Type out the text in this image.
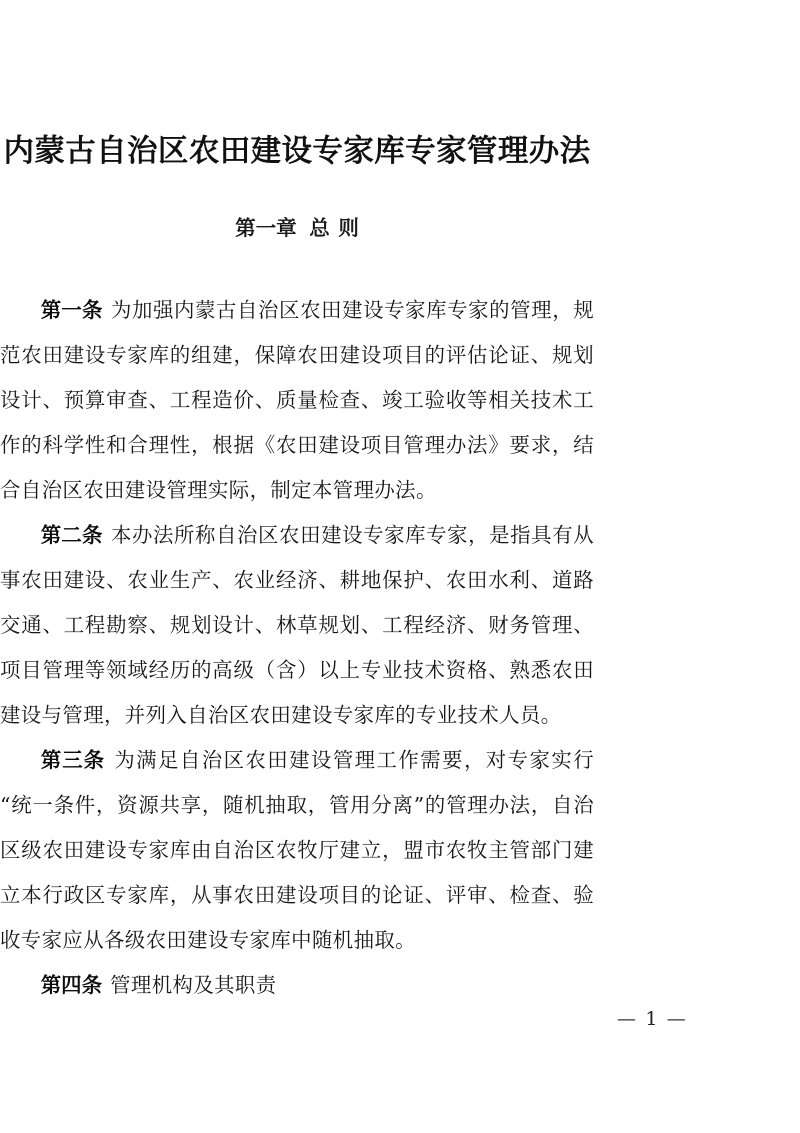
内蒙古自治区农田建设专家库专家管理办法
第一章 总则

第一条 为加强内蒙古自治区农田建设专家库专家的管理，规范农田建设专家库的组建，保障农田建设项目的评估论证、规划设计、预算审查、工程造价、质量检查、竣工验收等相关技术工作的科学性和合理性，根据《农田建设项目管理办法》要求，结合自治区农田建设管理实际，制定本管理办法。

第二条 本办法所称自治区农田建设专家库专家，是指具有从事农田建设、农业生产、农业经济、耕地保护、农田水利、道路交通、工程勘察、规划设计、林草规划、工程经济、财务管理、项目管理等领域经历的高级（含）以上专业技术资格、熟悉农田建设与管理，并列入自治区农田建设专家库的专业技术人员。

第三条 为满足自治区农田建设管理工作需要，对专家实行“统一条件，资源共享，随机抽取，管用分离”的管理办法，自治区级农田建设专家库由自治区农牧厅建立，盟市农牧主管部门建立本行政区专家库，从事农田建设项目的论证、评审、检查、验收专家应从各级农田建设专家库中随机抽取。

第四条 管理机构及其职责

— 1 —
